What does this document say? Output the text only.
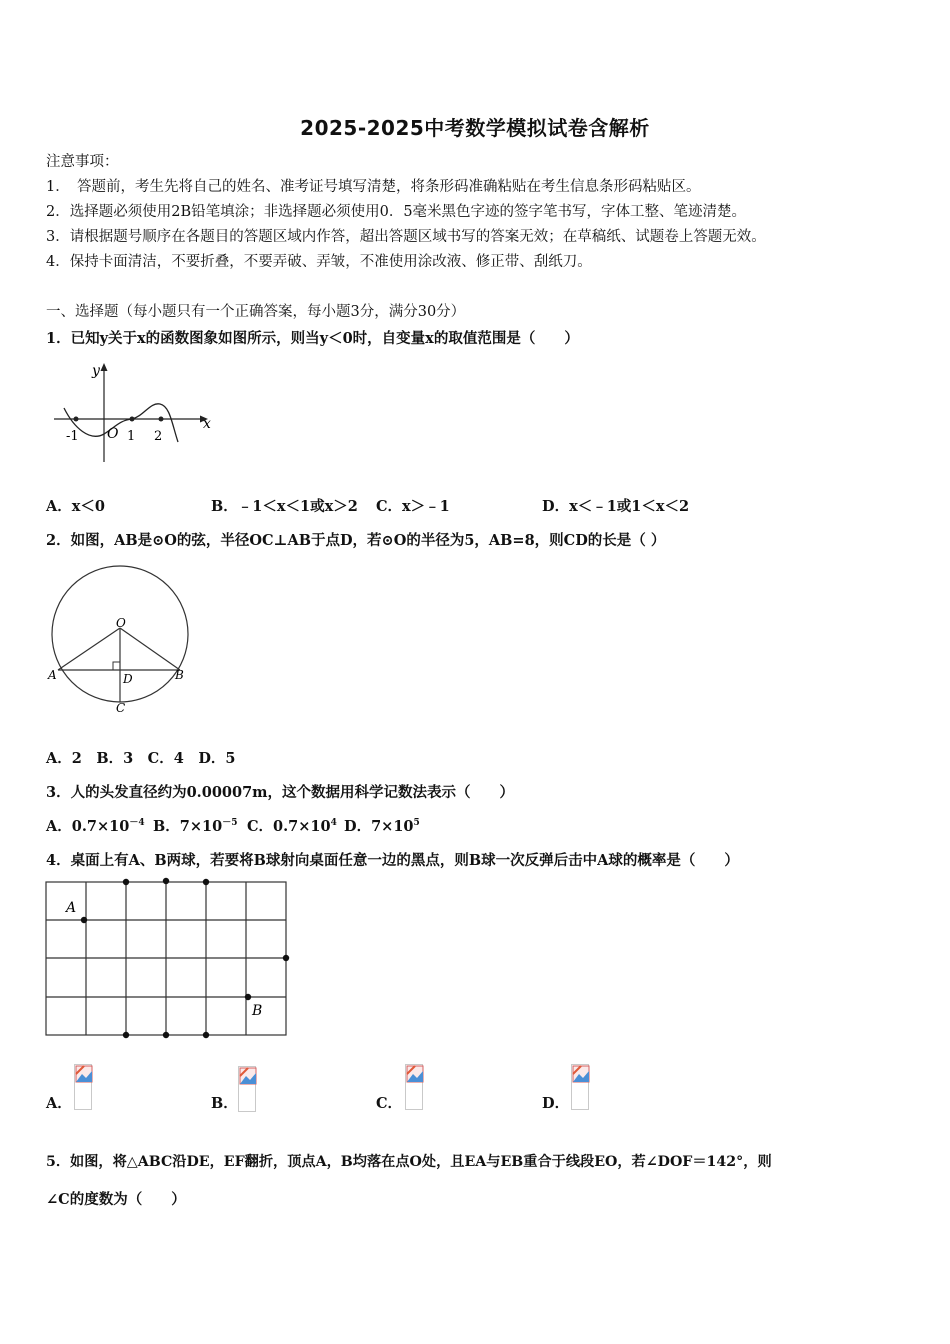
2025-2025中考数学模拟试卷含解析
注意事项：
1．　答题前，考生先将自己的姓名、准考证号填写清楚，将条形码准确粘贴在考生信息条形码粘贴区。
2．选择题必须使用2B铅笔填涂；非选择题必须使用0．5毫米黑色字迹的签字笔书写，字体工整、笔迹清楚。
3．请根据题号顺序在各题目的答题区域内作答，超出答题区域书写的答案无效；在草稿纸、试题卷上答题无效。
4．保持卡面清洁，不要折叠，不要弄破、弄皱，不准使用涂改液、修正带、刮纸刀。
一、选择题（每小题只有一个正确答案，每小题3分，满分30分）
1．已知y关于x的函数图象如图所示，则当y＜0时，自变量x的取值范围是（　　）
y
x
O
-1	1 2
A．x＜0	B．﹣1＜x＜1或x＞2 C．x＞﹣1	D．x＜﹣1或1＜x＜2
2．如图，AB是⊙O的弦，半径OC⊥AB于点D，若⊙O的半径为5，AB=8，则CD的长是（ ）
O
A	B
D
C
A．2　B．3　C．4　D．5
3．人的头发直径约为0.00007m，这个数据用科学记数法表示（　　）
A．$0.7\times 10^{-4}$ B．$7\times 10^{-5}$ C．$0.7\times 10^4$ D．$7\times 10^5$
4．桌面上有A、B两球，若要将B球射向桌面任意一边的黑点，则B球一次反弹后击中A球的概率是（　　）
A
B
A．	B．	C．	D．
5．如图，将△ABC沿DE，EF翻折，顶点A，B均落在点O处，且EA与EB重合于线段EO，若∠DOF＝142°，则
∠C的度数为（　　）
